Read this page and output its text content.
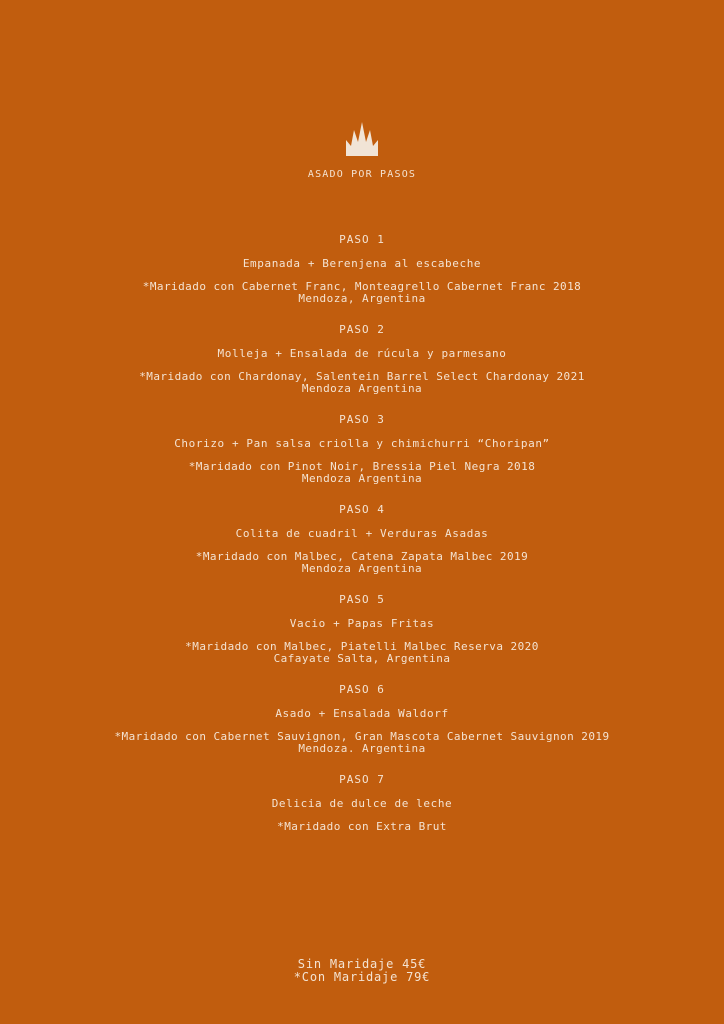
ASADO POR PASOS
PASO 1
Empanada + Berenjena al escabeche
*Maridado con Cabernet Franc, Monteagrello Cabernet Franc 2018
Mendoza, Argentina
PASO 2
Molleja + Ensalada de rúcula y parmesano
*Maridado con Chardonay, Salentein Barrel Select Chardonay 2021
Mendoza Argentina
PASO 3
Chorizo + Pan salsa criolla y chimichurri “Choripan”
*Maridado con Pinot Noir, Bressia Piel Negra 2018
Mendoza Argentina
PASO 4
Colita de cuadril + Verduras Asadas
*Maridado con Malbec, Catena Zapata Malbec 2019
Mendoza Argentina
PASO 5
Vacio + Papas Fritas
*Maridado con Malbec, Piatelli Malbec Reserva 2020
Cafayate Salta, Argentina
PASO 6
Asado + Ensalada Waldorf
*Maridado con Cabernet Sauvignon, Gran Mascota Cabernet Sauvignon 2019
Mendoza. Argentina
PASO 7
Delicia de dulce de leche
*Maridado con Extra Brut
Sin Maridaje 45€
*Con Maridaje 79€
